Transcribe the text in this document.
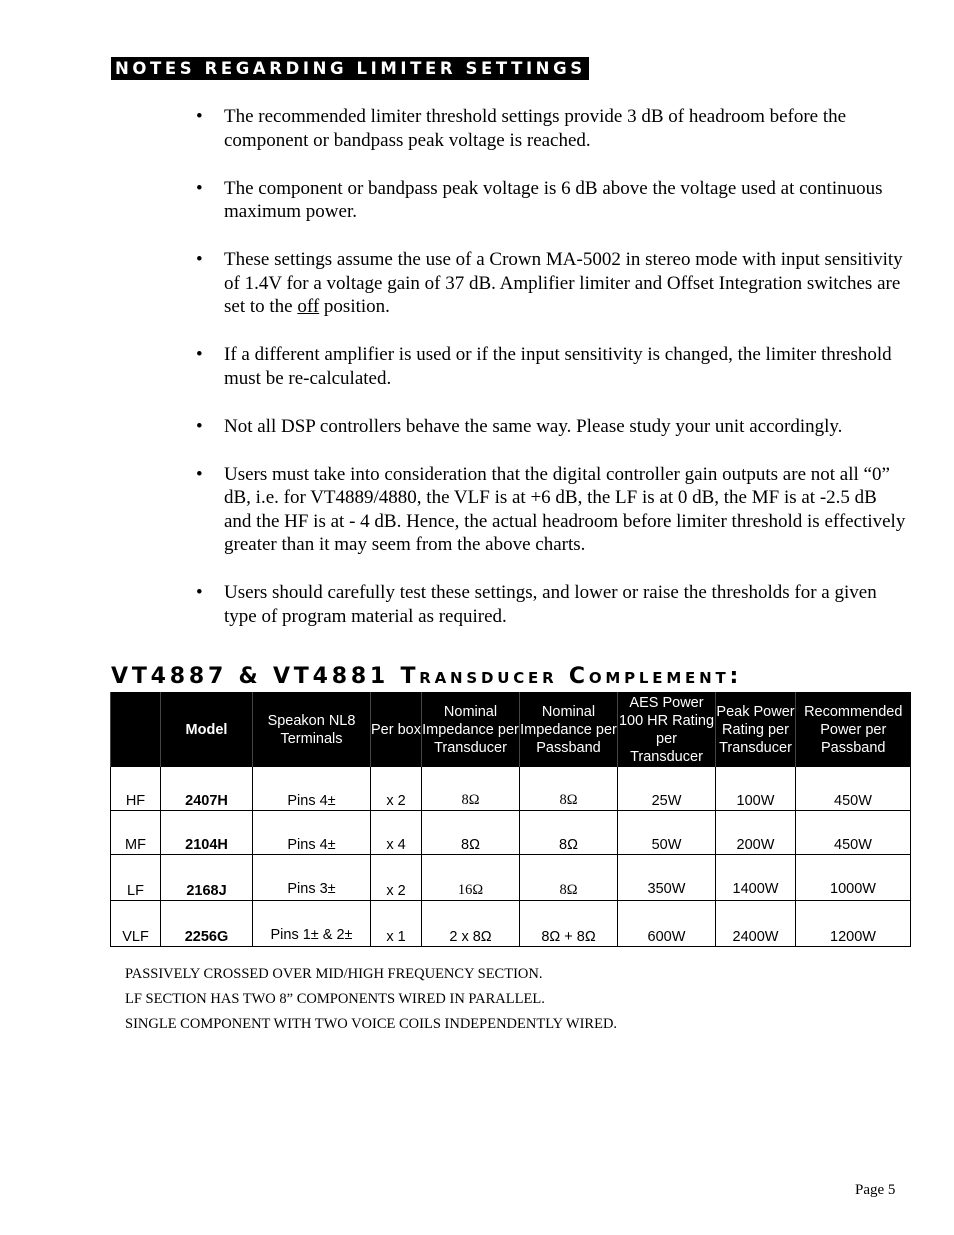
NOTES REGARDING LIMITER SETTINGS
• The recommended limiter threshold settings provide 3 dB of headroom before the component or bandpass peak voltage is reached.
• The component or bandpass peak voltage is 6 dB above the voltage used at continuous maximum power.
• These settings assume the use of a Crown MA-5002 in stereo mode with input sensitivity of 1.4V for a voltage gain of 37 dB. Amplifier limiter and Offset Integration switches are set to the off position.
• If a different amplifier is used or if the input sensitivity is changed, the limiter threshold must be re-calculated.
• Not all DSP controllers behave the same way. Please study your unit accordingly.
• Users must take into consideration that the digital controller gain outputs are not all “0” dB, i.e. for VT4889/4880, the VLF is at +6 dB, the LF is at 0 dB, the MF is at -2.5 dB and the HF is at - 4 dB. Hence, the actual headroom before limiter threshold is effectively greater than it may seem from the above charts.
• Users should carefully test these settings, and lower or raise the thresholds for a given type of program material as required.
VT4887 & VT4881 Transducer Complement:
	Model	Speakon NL8 Terminals	Per box	Nominal Impedance per Transducer	Nominal Impedance per Passband	AES Power 100 HR Rating per Transducer	Peak Power Rating per Transducer	Recommended Power per Passband
HF	2407H	Pins 4±	x 2	8Ω	8Ω	25W	100W	450W
MF	2104H	Pins 4±	x 4	8Ω	8Ω	50W	200W	450W
LF	2168J	Pins 3±	x 2	16Ω	8Ω	350W	1400W	1000W
VLF	2256G	Pins 1± & 2±	x 1	2 x 8Ω	8Ω + 8Ω	600W	2400W	1200W
PASSIVELY CROSSED OVER MID/HIGH FREQUENCY SECTION.
LF SECTION HAS TWO 8” COMPONENTS WIRED IN PARALLEL.
SINGLE COMPONENT WITH TWO VOICE COILS INDEPENDENTLY WIRED.
Page 5
